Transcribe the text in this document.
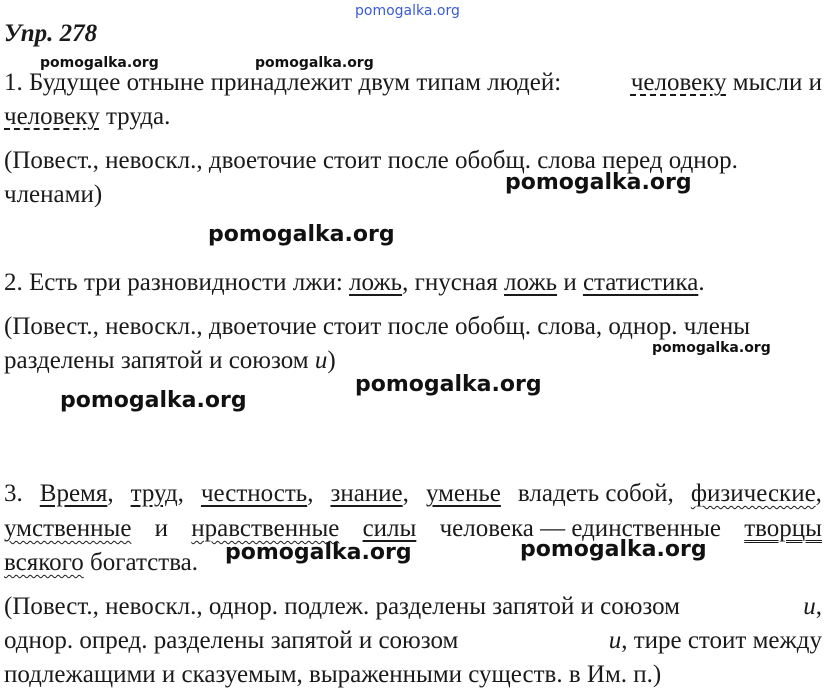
pomogalka.org
pomogalka.org	pomogalka.org
pomogalka.org
pomogalka.org
pomogalka.org
pomogalka.org
pomogalka.org
pomogalka.org	pomogalka.org
Упр. 278
1. Будущее отныне принадлежит двум типам людей:	человеку мысли и
человеку труда.
(Повест., невоскл., двоеточие стоит после обобщ. слова перед однор.
членами)
2. Есть три разновидности лжи: ложь, гнусная ложь и статистика.
(Повест., невоскл., двоеточие стоит после обобщ. слова, однор. члены
разделены запятой и союзом и)
3. Время, труд, честность, знание, уменье владеть собой, физические,
умственные и нравственные силы человека — единственные творцы
всякого богатства.
(Повест., невоскл., однор. подлеж. разделены запятой и союзом	и,
однор. опред. разделены запятой и союзом	и, тире стоит между
подлежащими и сказуемым, выраженными существ. в Им. п.)
